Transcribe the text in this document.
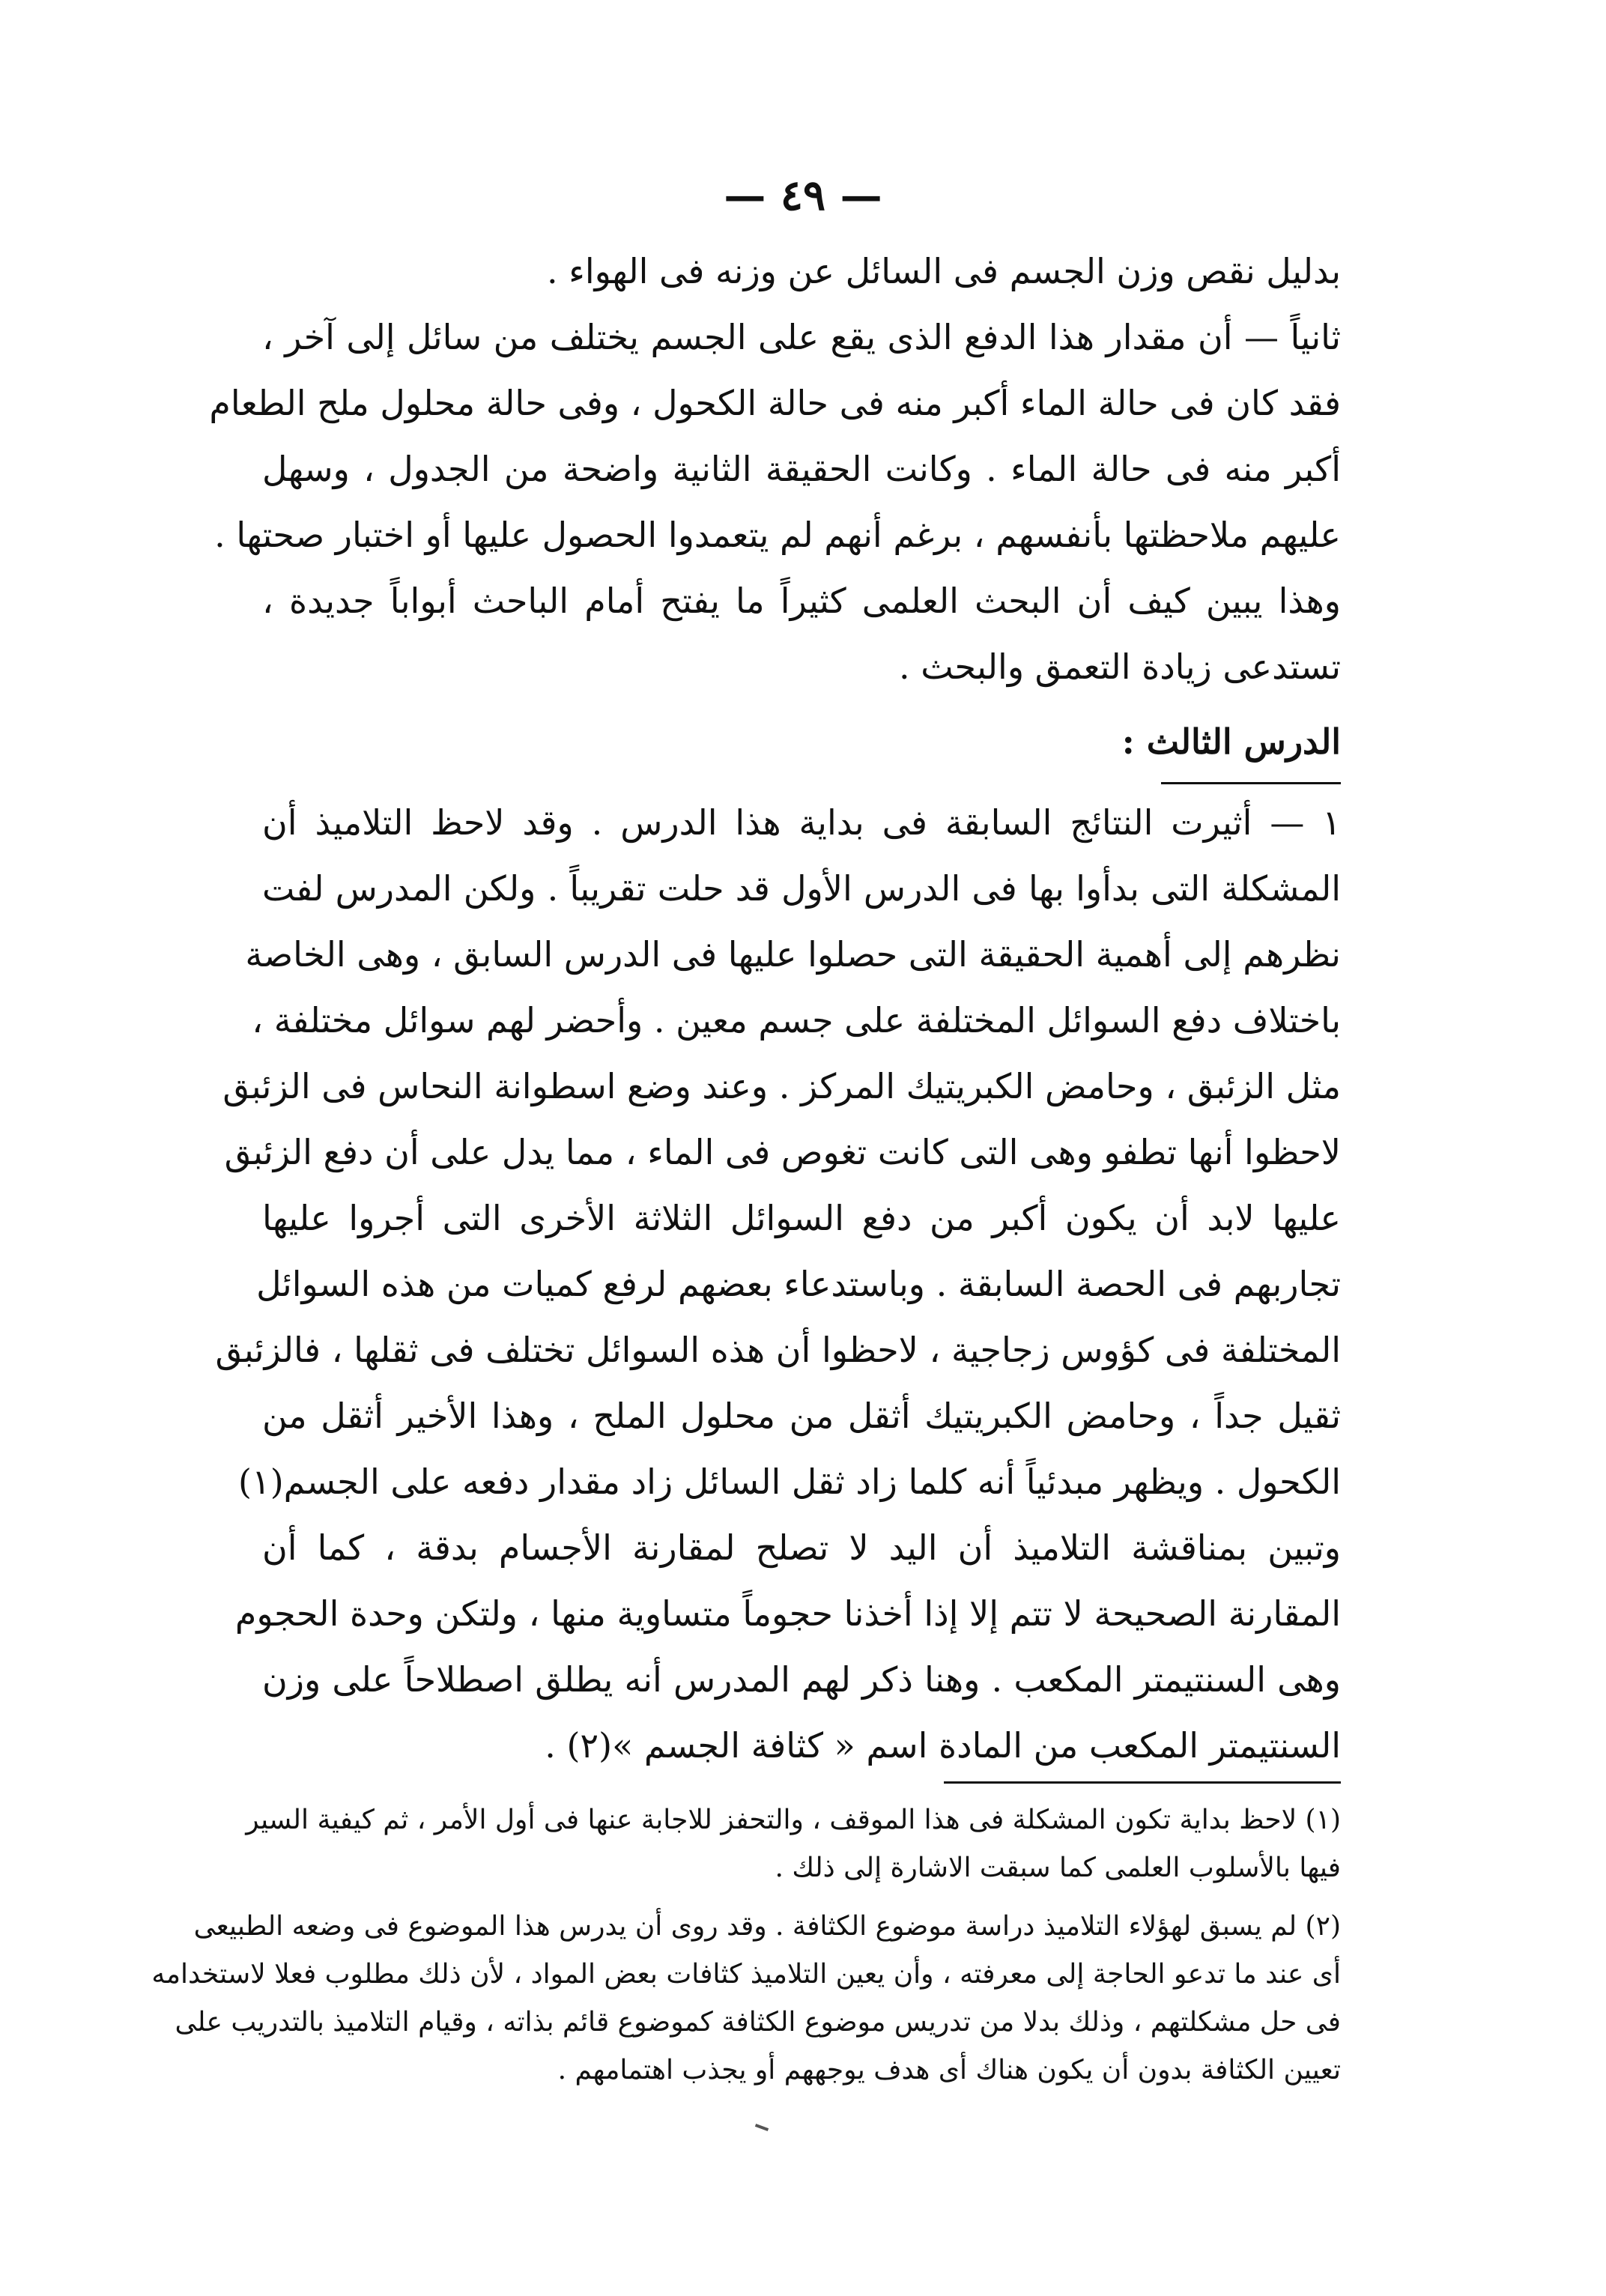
— ٤٩ —
بدليل نقص وزن الجسم فى السائل عن وزنه فى الهواء .
ثانياً — أن مقدار هذا الدفع الذى يقع على الجسم يختلف من سائل إلى آخر ،
فقد كان فى حالة الماء أكبر منه فى حالة الكحول ، وفى حالة محلول ملح الطعام
أكبر منه فى حالة الماء . وكانت الحقيقة الثانية واضحة من الجدول ، وسهل
عليهم ملاحظتها بأنفسهم ، برغم أنهم لم يتعمدوا الحصول عليها أو اختبار صحتها .
وهذا يبين كيف أن البحث العلمى كثيراً ما يفتح أمام الباحث أبواباً جديدة ،
تستدعى زيادة التعمق والبحث .
الدرس الثالث :
١ — أثيرت النتائج السابقة فى بداية هذا الدرس . وقد لاحظ التلاميذ أن
المشكلة التى بدأوا بها فى الدرس الأول قد حلت تقريباً . ولكن المدرس لفت
نظرهم إلى أهمية الحقيقة التى حصلوا عليها فى الدرس السابق ، وهى الخاصة
باختلاف دفع السوائل المختلفة على جسم معين . وأحضر لهم سوائل مختلفة ،
مثل الزئبق ، وحامض الكبريتيك المركز . وعند وضع اسطوانة النحاس فى الزئبق
لاحظوا أنها تطفو وهى التى كانت تغوص فى الماء ، مما يدل على أن دفع الزئبق
عليها لابد أن يكون أكبر من دفع السوائل الثلاثة الأخرى التى أجروا عليها
تجاربهم فى الحصة السابقة . وباستدعاء بعضهم لرفع كميات من هذه السوائل
المختلفة فى كؤوس زجاجية ، لاحظوا أن هذه السوائل تختلف فى ثقلها ، فالزئبق
ثقيل جداً ، وحامض الكبريتيك أثقل من محلول الملح ، وهذا الأخير أثقل من
الكحول . ويظهر مبدئياً أنه كلما زاد ثقل السائل زاد مقدار دفعه على الجسم(١)
وتبين بمناقشة التلاميذ أن اليد لا تصلح لمقارنة الأجسام بدقة ، كما أن
المقارنة الصحيحة لا تتم إلا إذا أخذنا حجوماً متساوية منها ، ولتكن وحدة الحجوم
وهى السنتيمتر المكعب . وهنا ذكر لهم المدرس أنه يطلق اصطلاحاً على وزن
السنتيمتر المكعب من المادة اسم « كثافة الجسم »(٢) .
(١) لاحظ بداية تكون المشكلة فى هذا الموقف ، والتحفز للاجابة عنها فى أول الأمر ، ثم كيفية السير
فيها بالأسلوب العلمى كما سبقت الاشارة إلى ذلك .
(٢) لم يسبق لهؤلاء التلاميذ دراسة موضوع الكثافة . وقد روى أن يدرس هذا الموضوع فى وضعه الطبيعى
أى عند ما تدعو الحاجة إلى معرفته ، وأن يعين التلاميذ كثافات بعض المواد ، لأن ذلك مطلوب فعلا لاستخدامه
فى حل مشكلتهم ، وذلك بدلا من تدريس موضوع الكثافة كموضوع قائم بذاته ، وقيام التلاميذ بالتدريب على
تعيين الكثافة بدون أن يكون هناك أى هدف يوجههم أو يجذب اهتمامهم .
